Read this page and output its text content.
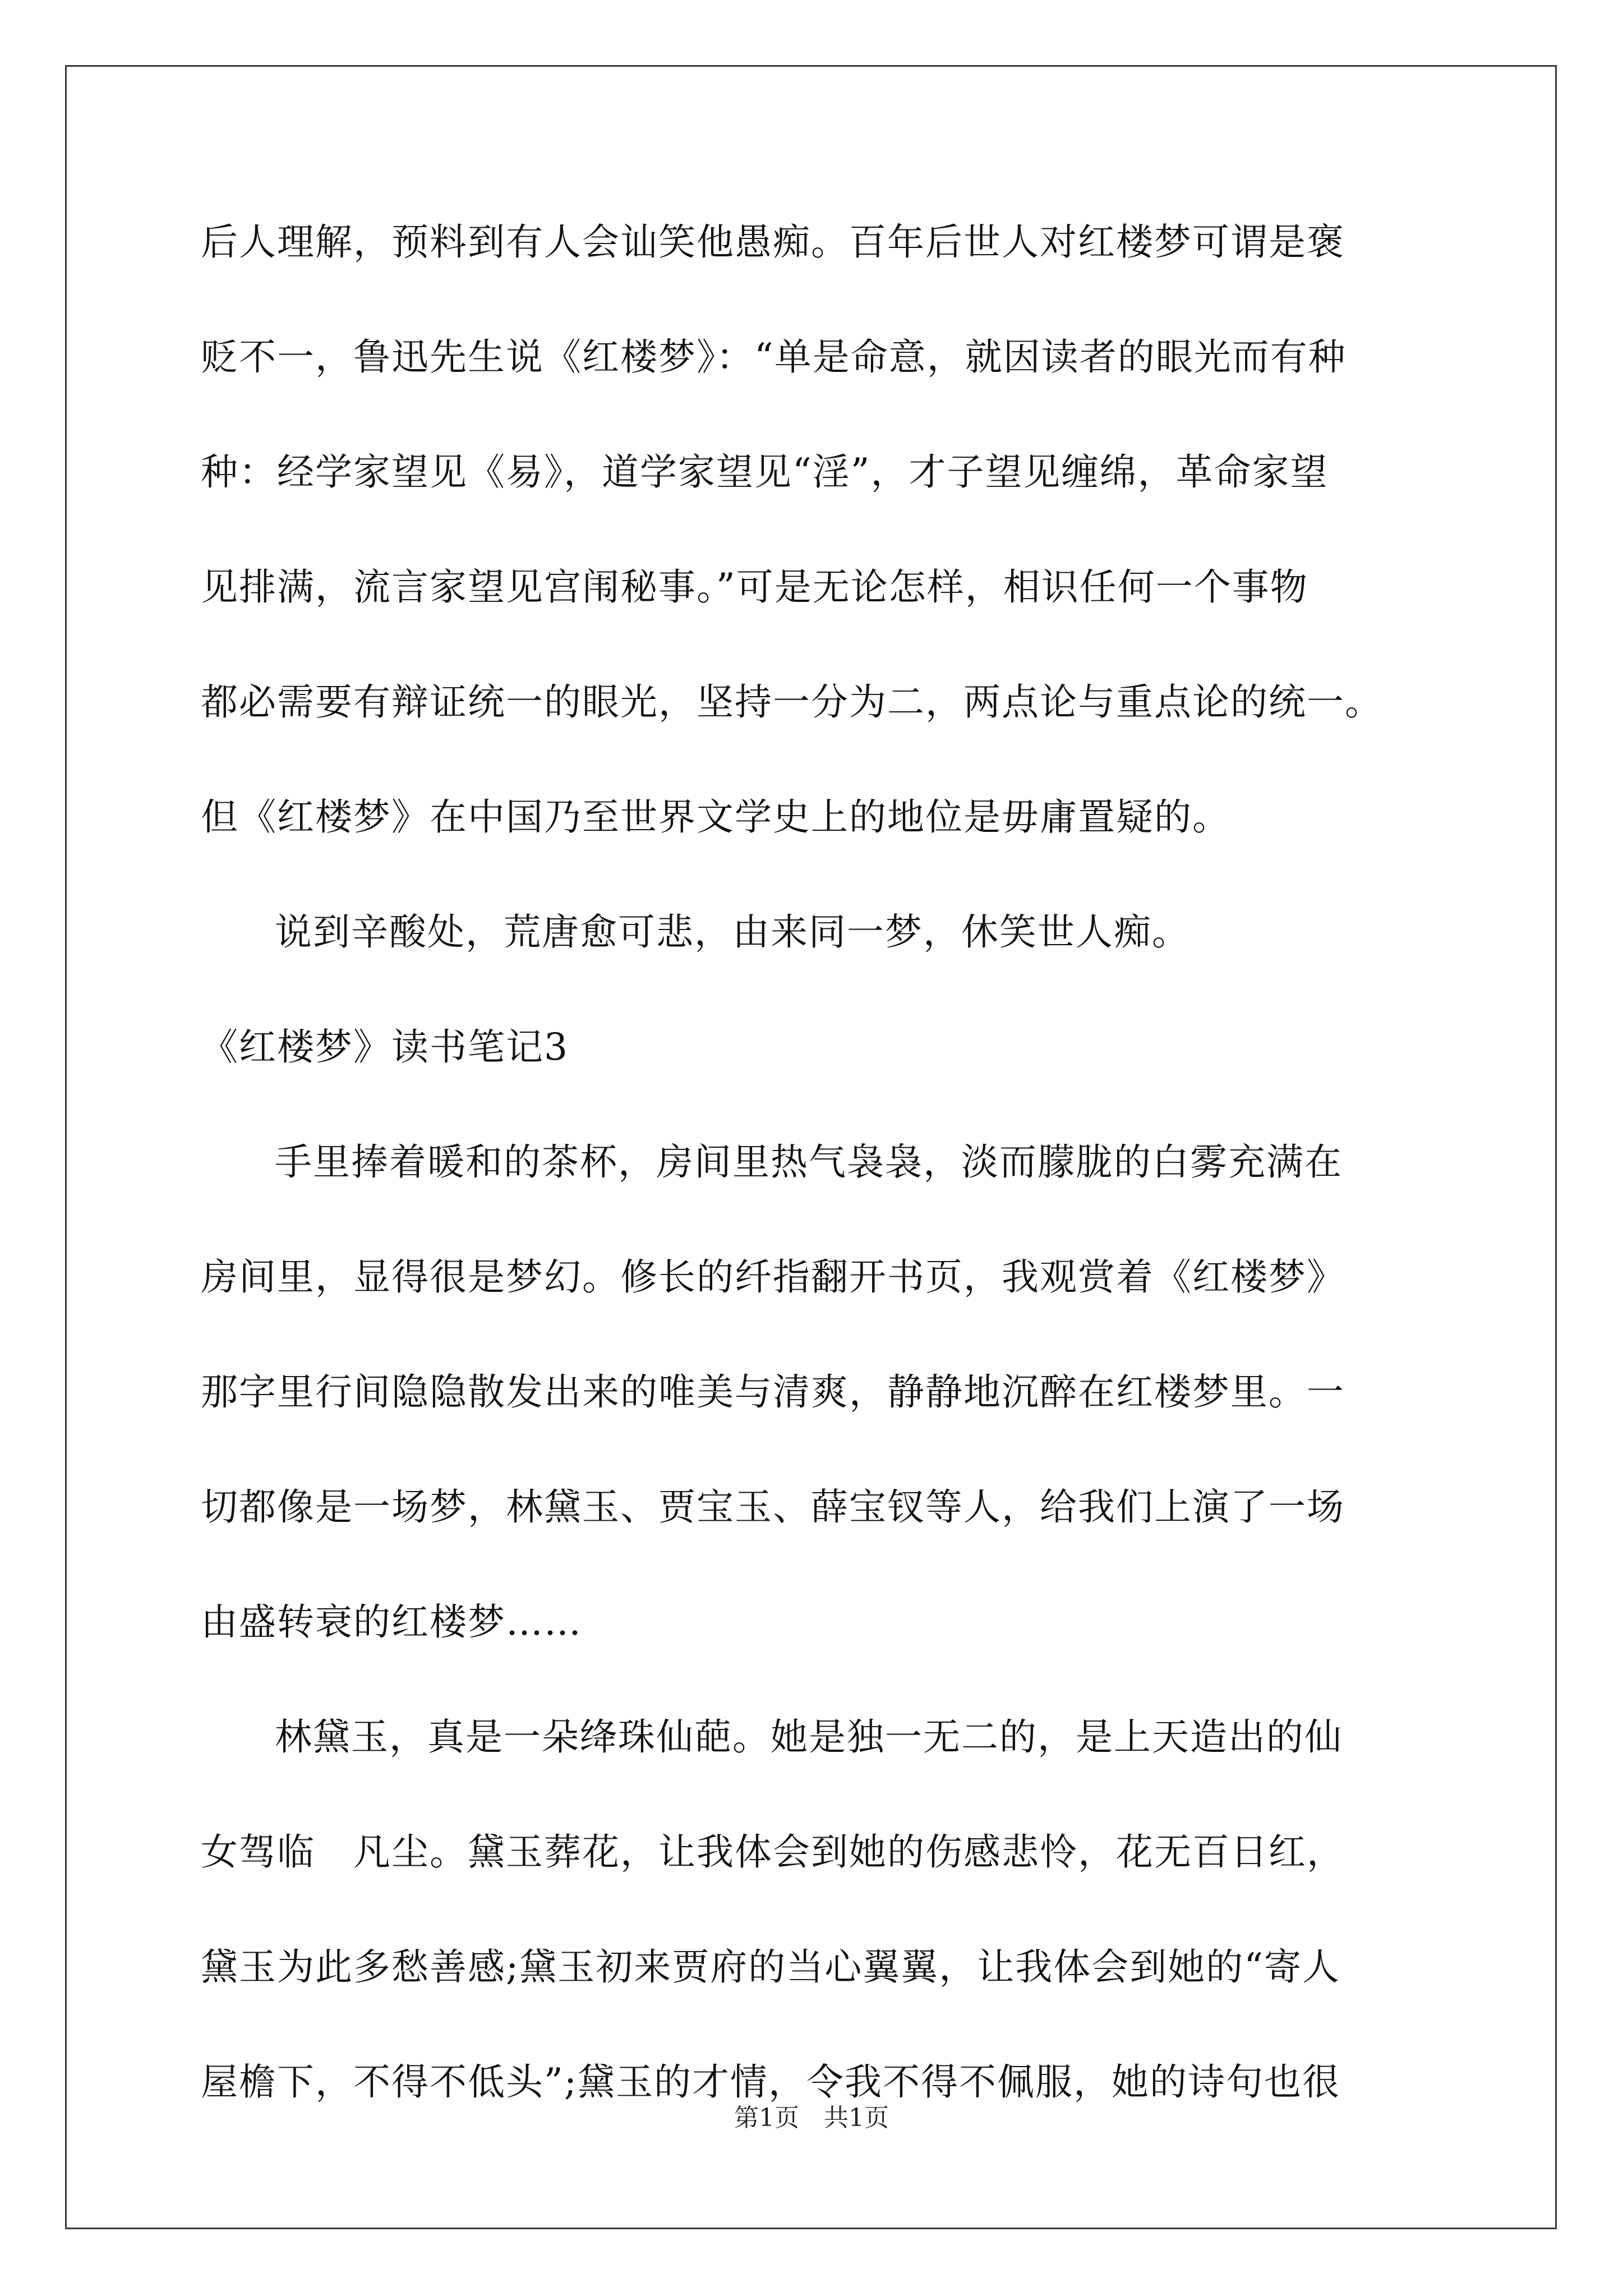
后人理解，预料到有人会讪笑他愚痴。百年后世人对红楼梦可谓是褒
贬不一，鲁迅先生说《红楼梦》：“单是命意，就因读者的眼光而有种
种：经学家望见《易》，道学家望见“淫”，才子望见缠绵，革命家望
见排满，流言家望见宫闱秘事。”可是无论怎样，相识任何一个事物
都必需要有辩证统一的眼光，坚持一分为二，两点论与重点论的统一。
但《红楼梦》在中国乃至世界文学史上的地位是毋庸置疑的。
说到辛酸处，荒唐愈可悲，由来同一梦，休笑世人痴。
《红楼梦》读书笔记3
手里捧着暖和的茶杯，房间里热气袅袅，淡而朦胧的白雾充满在
房间里，显得很是梦幻。修长的纤指翻开书页，我观赏着《红楼梦》
那字里行间隐隐散发出来的唯美与清爽，静静地沉醉在红楼梦里。一
切都像是一场梦，林黛玉、贾宝玉、薛宝钗等人，给我们上演了一场
由盛转衰的红楼梦……
林黛玉，真是一朵绛珠仙葩。她是独一无二的，是上天造出的仙
女驾临　凡尘。黛玉葬花，让我体会到她的伤感悲怜，花无百日红，
黛玉为此多愁善感;黛玉初来贾府的当心翼翼，让我体会到她的“寄人
屋檐下，不得不低头”;黛玉的才情，令我不得不佩服，她的诗句也很
第1页　共1页
